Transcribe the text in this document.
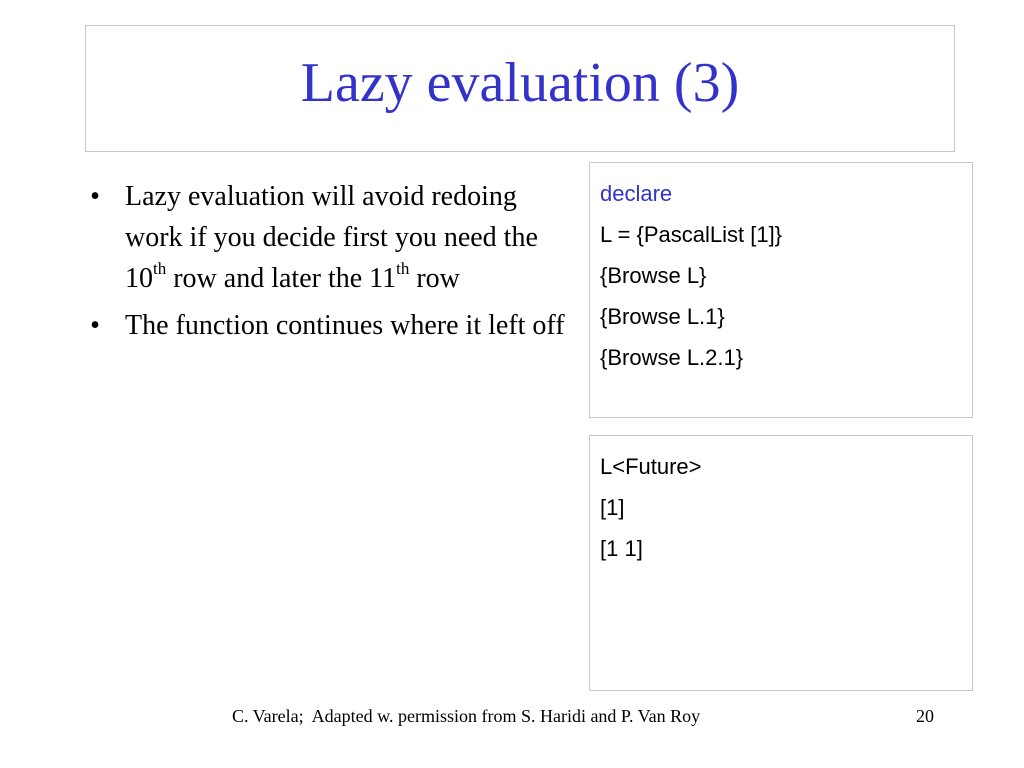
Lazy evaluation (3)
• Lazy evaluation will avoid redoing work if you decide first you need the 10th row and later the 11th row
• The function continues where it left off
declare
L = {PascalList [1]}
{Browse L}
{Browse L.1}
{Browse L.2.1}
L<Future>
[1]
[1 1]
C. Varela;  Adapted w. permission from S. Haridi and P. Van Roy	20
